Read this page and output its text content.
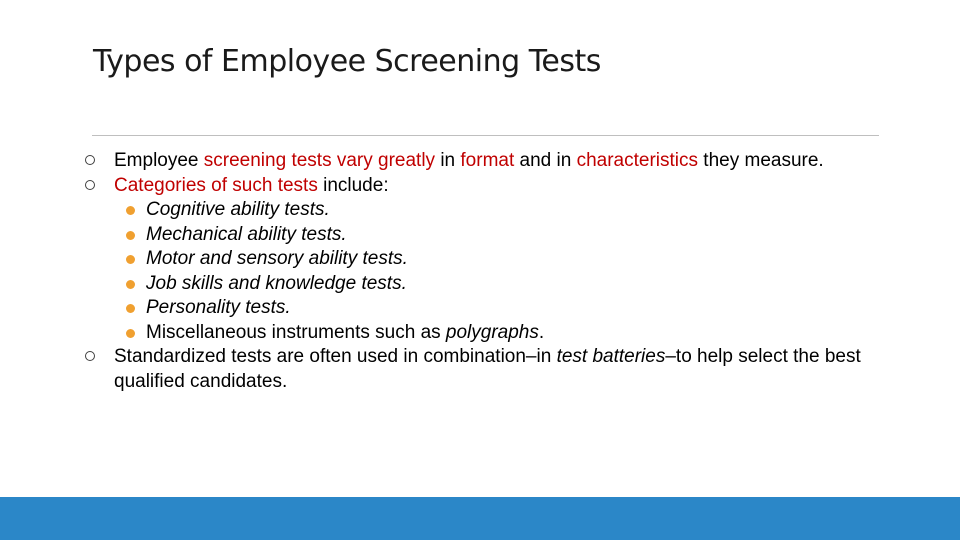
Types of Employee Screening Tests
Employee screening tests vary greatly in format and in characteristics they measure.
Categories of such tests include:
Cognitive ability tests.
Mechanical ability tests.
Motor and sensory ability tests.
Job skills and knowledge tests.
Personality tests.
Miscellaneous instruments such as polygraphs.
Standardized tests are often used in combination–in test batteries–to help select the best qualified candidates.
